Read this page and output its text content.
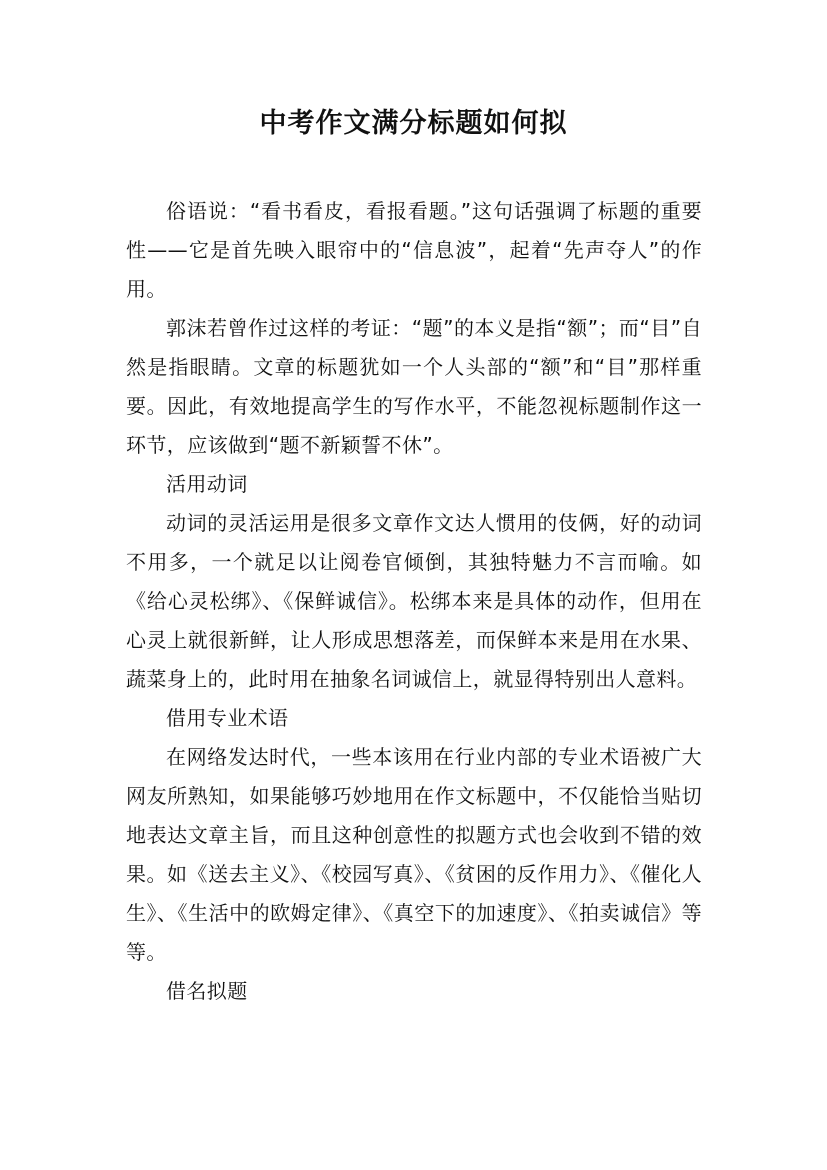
中考作文满分标题如何拟

俗语说：“看书看皮，看报看题。”这句话强调了标题的重要性——它是首先映入眼帘中的“信息波”，起着“先声夺人”的作用。

郭沫若曾作过这样的考证：“题”的本义是指“额”；而“目”自然是指眼睛。文章的标题犹如一个人头部的“额”和“目”那样重要。因此，有效地提高学生的写作水平，不能忽视标题制作这一环节，应该做到“题不新颖誓不休”。

活用动词

动词的灵活运用是很多文章作文达人惯用的伎俩，好的动词不用多，一个就足以让阅卷官倾倒，其独特魅力不言而喻。如《给心灵松绑》、《保鲜诚信》。松绑本来是具体的动作，但用在心灵上就很新鲜，让人形成思想落差，而保鲜本来是用在水果、蔬菜身上的，此时用在抽象名词诚信上，就显得特别出人意料。

借用专业术语

在网络发达时代，一些本该用在行业内部的专业术语被广大网友所熟知，如果能够巧妙地用在作文标题中，不仅能恰当贴切地表达文章主旨，而且这种创意性的拟题方式也会收到不错的效果。如《送去主义》、《校园写真》、《贫困的反作用力》、《催化人生》、《生活中的欧姆定律》、《真空下的加速度》、《拍卖诚信》等等。

借名拟题
